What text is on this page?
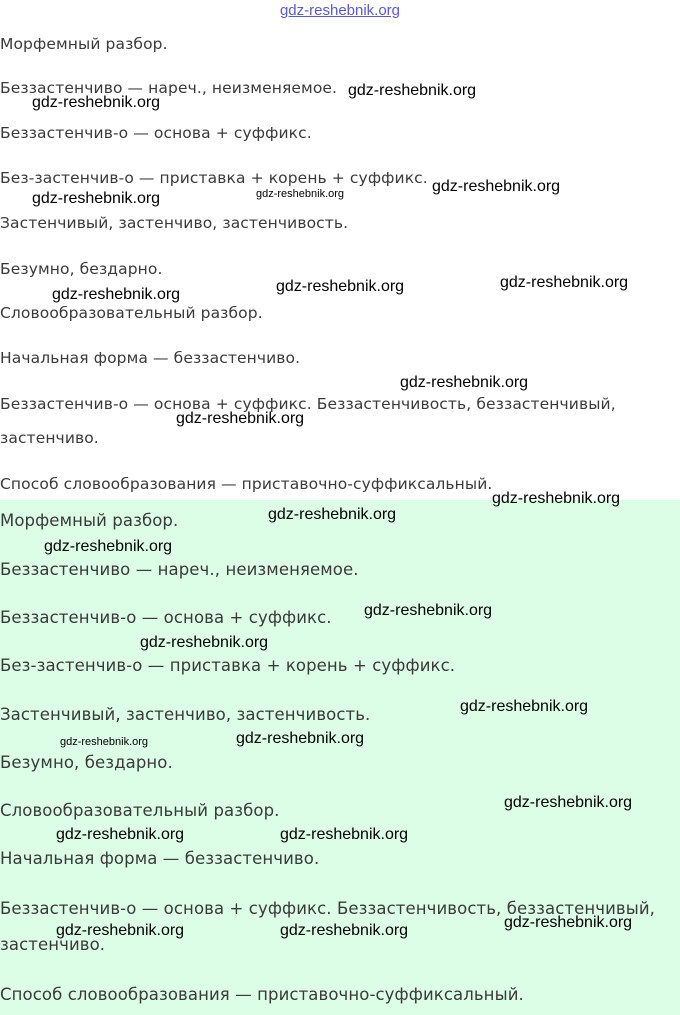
gdz-reshebnik.org

Морфемный разбор.

Беззастенчиво — нареч., неизменяемое.

Беззастенчив-о — основа + суффикс.

Без-застенчив-о — приставка + корень + суффикс.

Застенчивый, застенчиво, застенчивость.

Безумно, бездарно.

Словообразовательный разбор.

Начальная форма — беззастенчиво.

Беззастенчив-о — основа + суффикс. Беззастенчивость, беззастенчивый,

застенчиво.

Способ словообразования — приставочно-суффиксальный.

Морфемный разбор.

Беззастенчиво — нареч., неизменяемое.

Беззастенчив-о — основа + суффикс.

Без-застенчив-о — приставка + корень + суффикс.

Застенчивый, застенчиво, застенчивость.

Безумно, бездарно.

Словообразовательный разбор.

Начальная форма — беззастенчиво.

Беззастенчив-о — основа + суффикс. Беззастенчивость, беззастенчивый,

застенчиво.

Способ словообразования — приставочно-суффиксальный.

gdz-reshebnik.org
gdz-reshebnik.org
gdz-reshebnik.org
gdz-reshebnik.org	gdz-reshebnik.org
gdz-reshebnik.org
gdz-reshebnik.org
gdz-reshebnik.org
gdz-reshebnik.org
gdz-reshebnik.org
gdz-reshebnik.org
gdz-reshebnik.org
gdz-reshebnik.org
gdz-reshebnik.org
gdz-reshebnik.org
gdz-reshebnik.org
gdz-reshebnik.org
gdz-reshebnik.org
gdz-reshebnik.org
gdz-reshebnik.org	gdz-reshebnik.org
gdz-reshebnik.org
gdz-reshebnik.org	gdz-reshebnik.org
